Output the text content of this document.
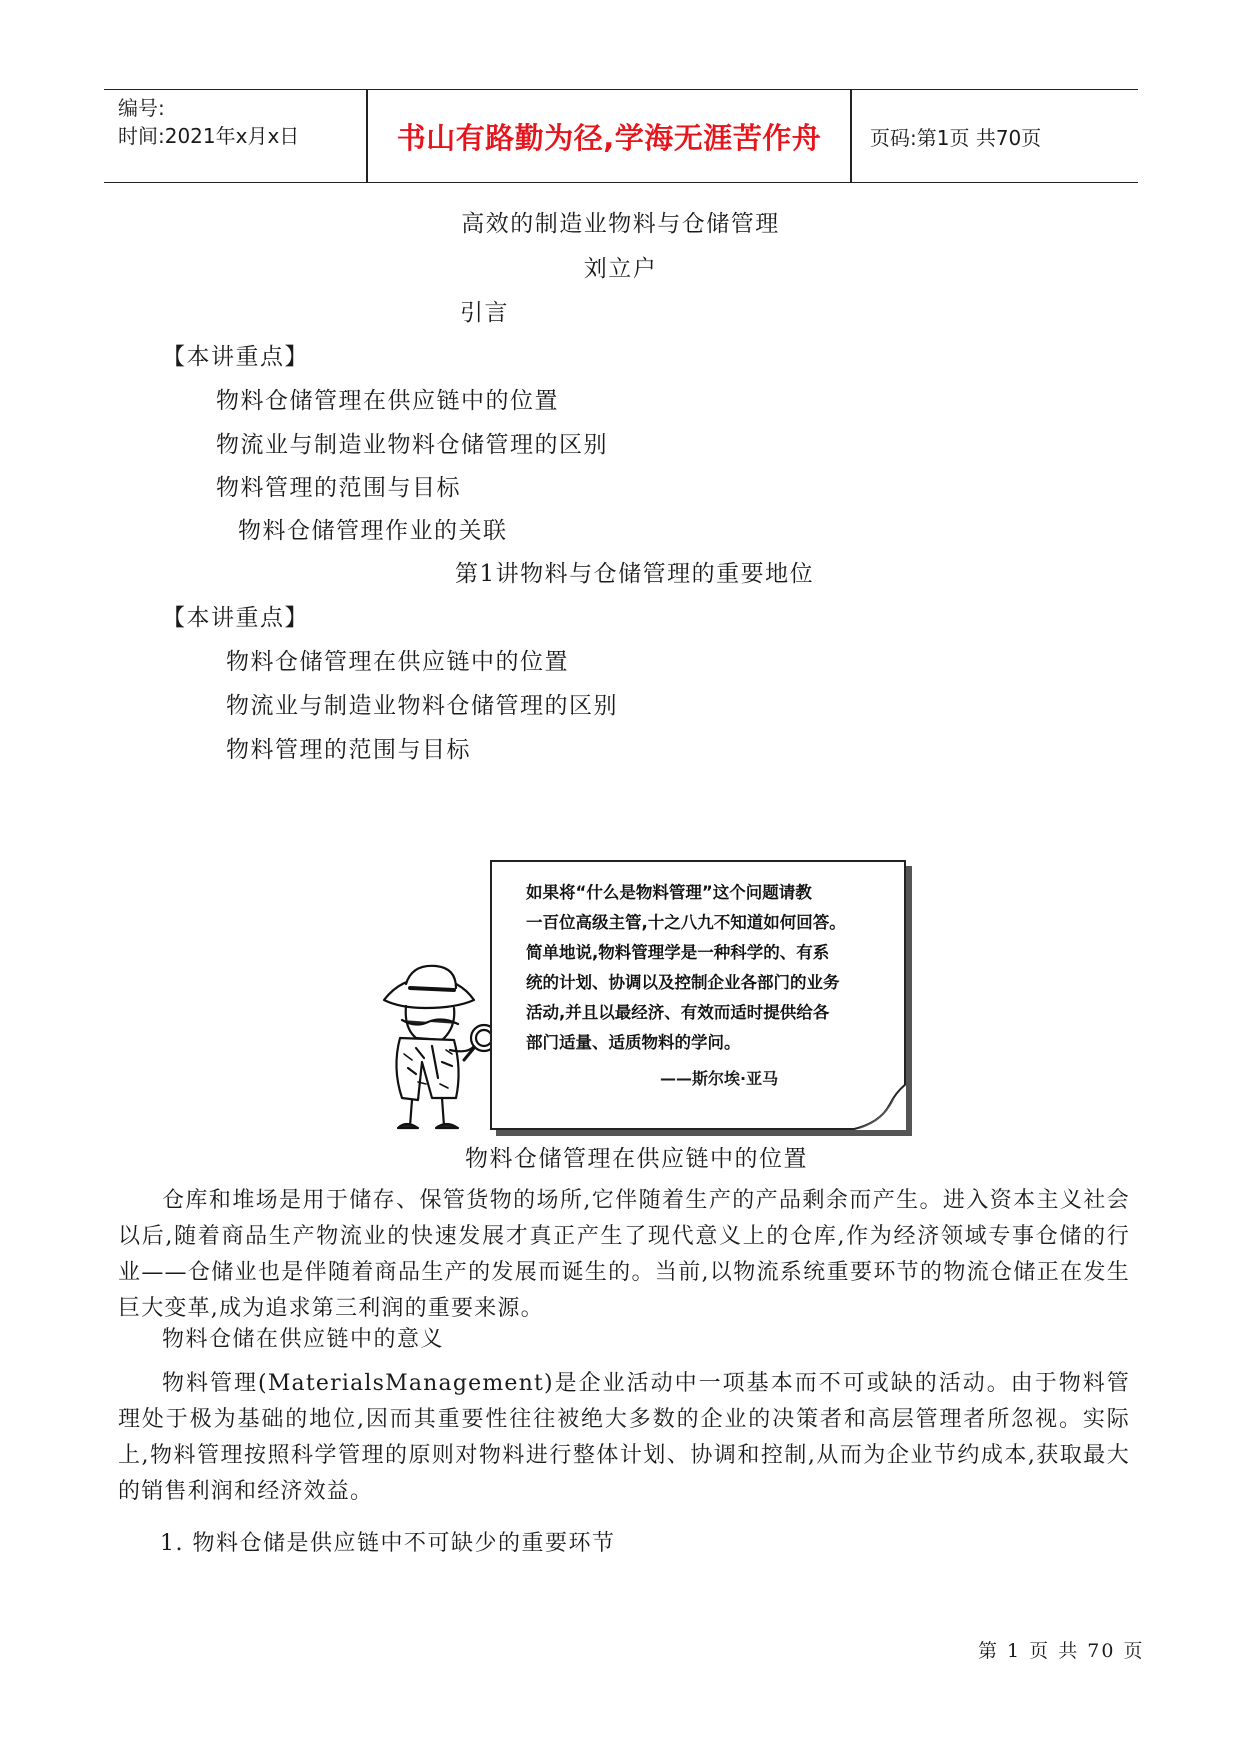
编号:
时间:2021年x月x日	书山有路勤为径,学海无涯苦作舟	页码:第1页 共70页
高效的制造业物料与仓储管理
刘立户
引言
【本讲重点】
物料仓储管理在供应链中的位置
物流业与制造业物料仓储管理的区别
物料管理的范围与目标
物料仓储管理作业的关联
第1讲物料与仓储管理的重要地位
【本讲重点】
物料仓储管理在供应链中的位置
物流业与制造业物料仓储管理的区别
物料管理的范围与目标
如果将“什么是物料管理”这个问题请教
一百位高级主管,十之八九不知道如何回答。
简单地说,物料管理学是一种科学的、有系
统的计划、协调以及控制企业各部门的业务
活动,并且以最经济、有效而适时提供给各
部门适量、适质物料的学问。
——斯尔埃·亚马
物料仓储管理在供应链中的位置

仓库和堆场是用于储存、保管货物的场所,它伴随着生产的产品剩余而产生。进入资本主义社会以后,随着商品生产物流业的快速发展才真正产生了现代意义上的仓库,作为经济领域专事仓储的行业——仓储业也是伴随着商品生产的发展而诞生的。当前,以物流系统重要环节的物流仓储正在发生巨大变革,成为追求第三利润的重要来源。

物料仓储在供应链中的意义

物料管理(MaterialsManagement)是企业活动中一项基本而不可或缺的活动。由于物料管理处于极为基础的地位,因而其重要性往往被绝大多数的企业的决策者和高层管理者所忽视。实际上,物料管理按照科学管理的原则对物料进行整体计划、协调和控制,从而为企业节约成本,获取最大的销售利润和经济效益。

1. 物料仓储是供应链中不可缺少的重要环节
第 1 页 共 70 页
